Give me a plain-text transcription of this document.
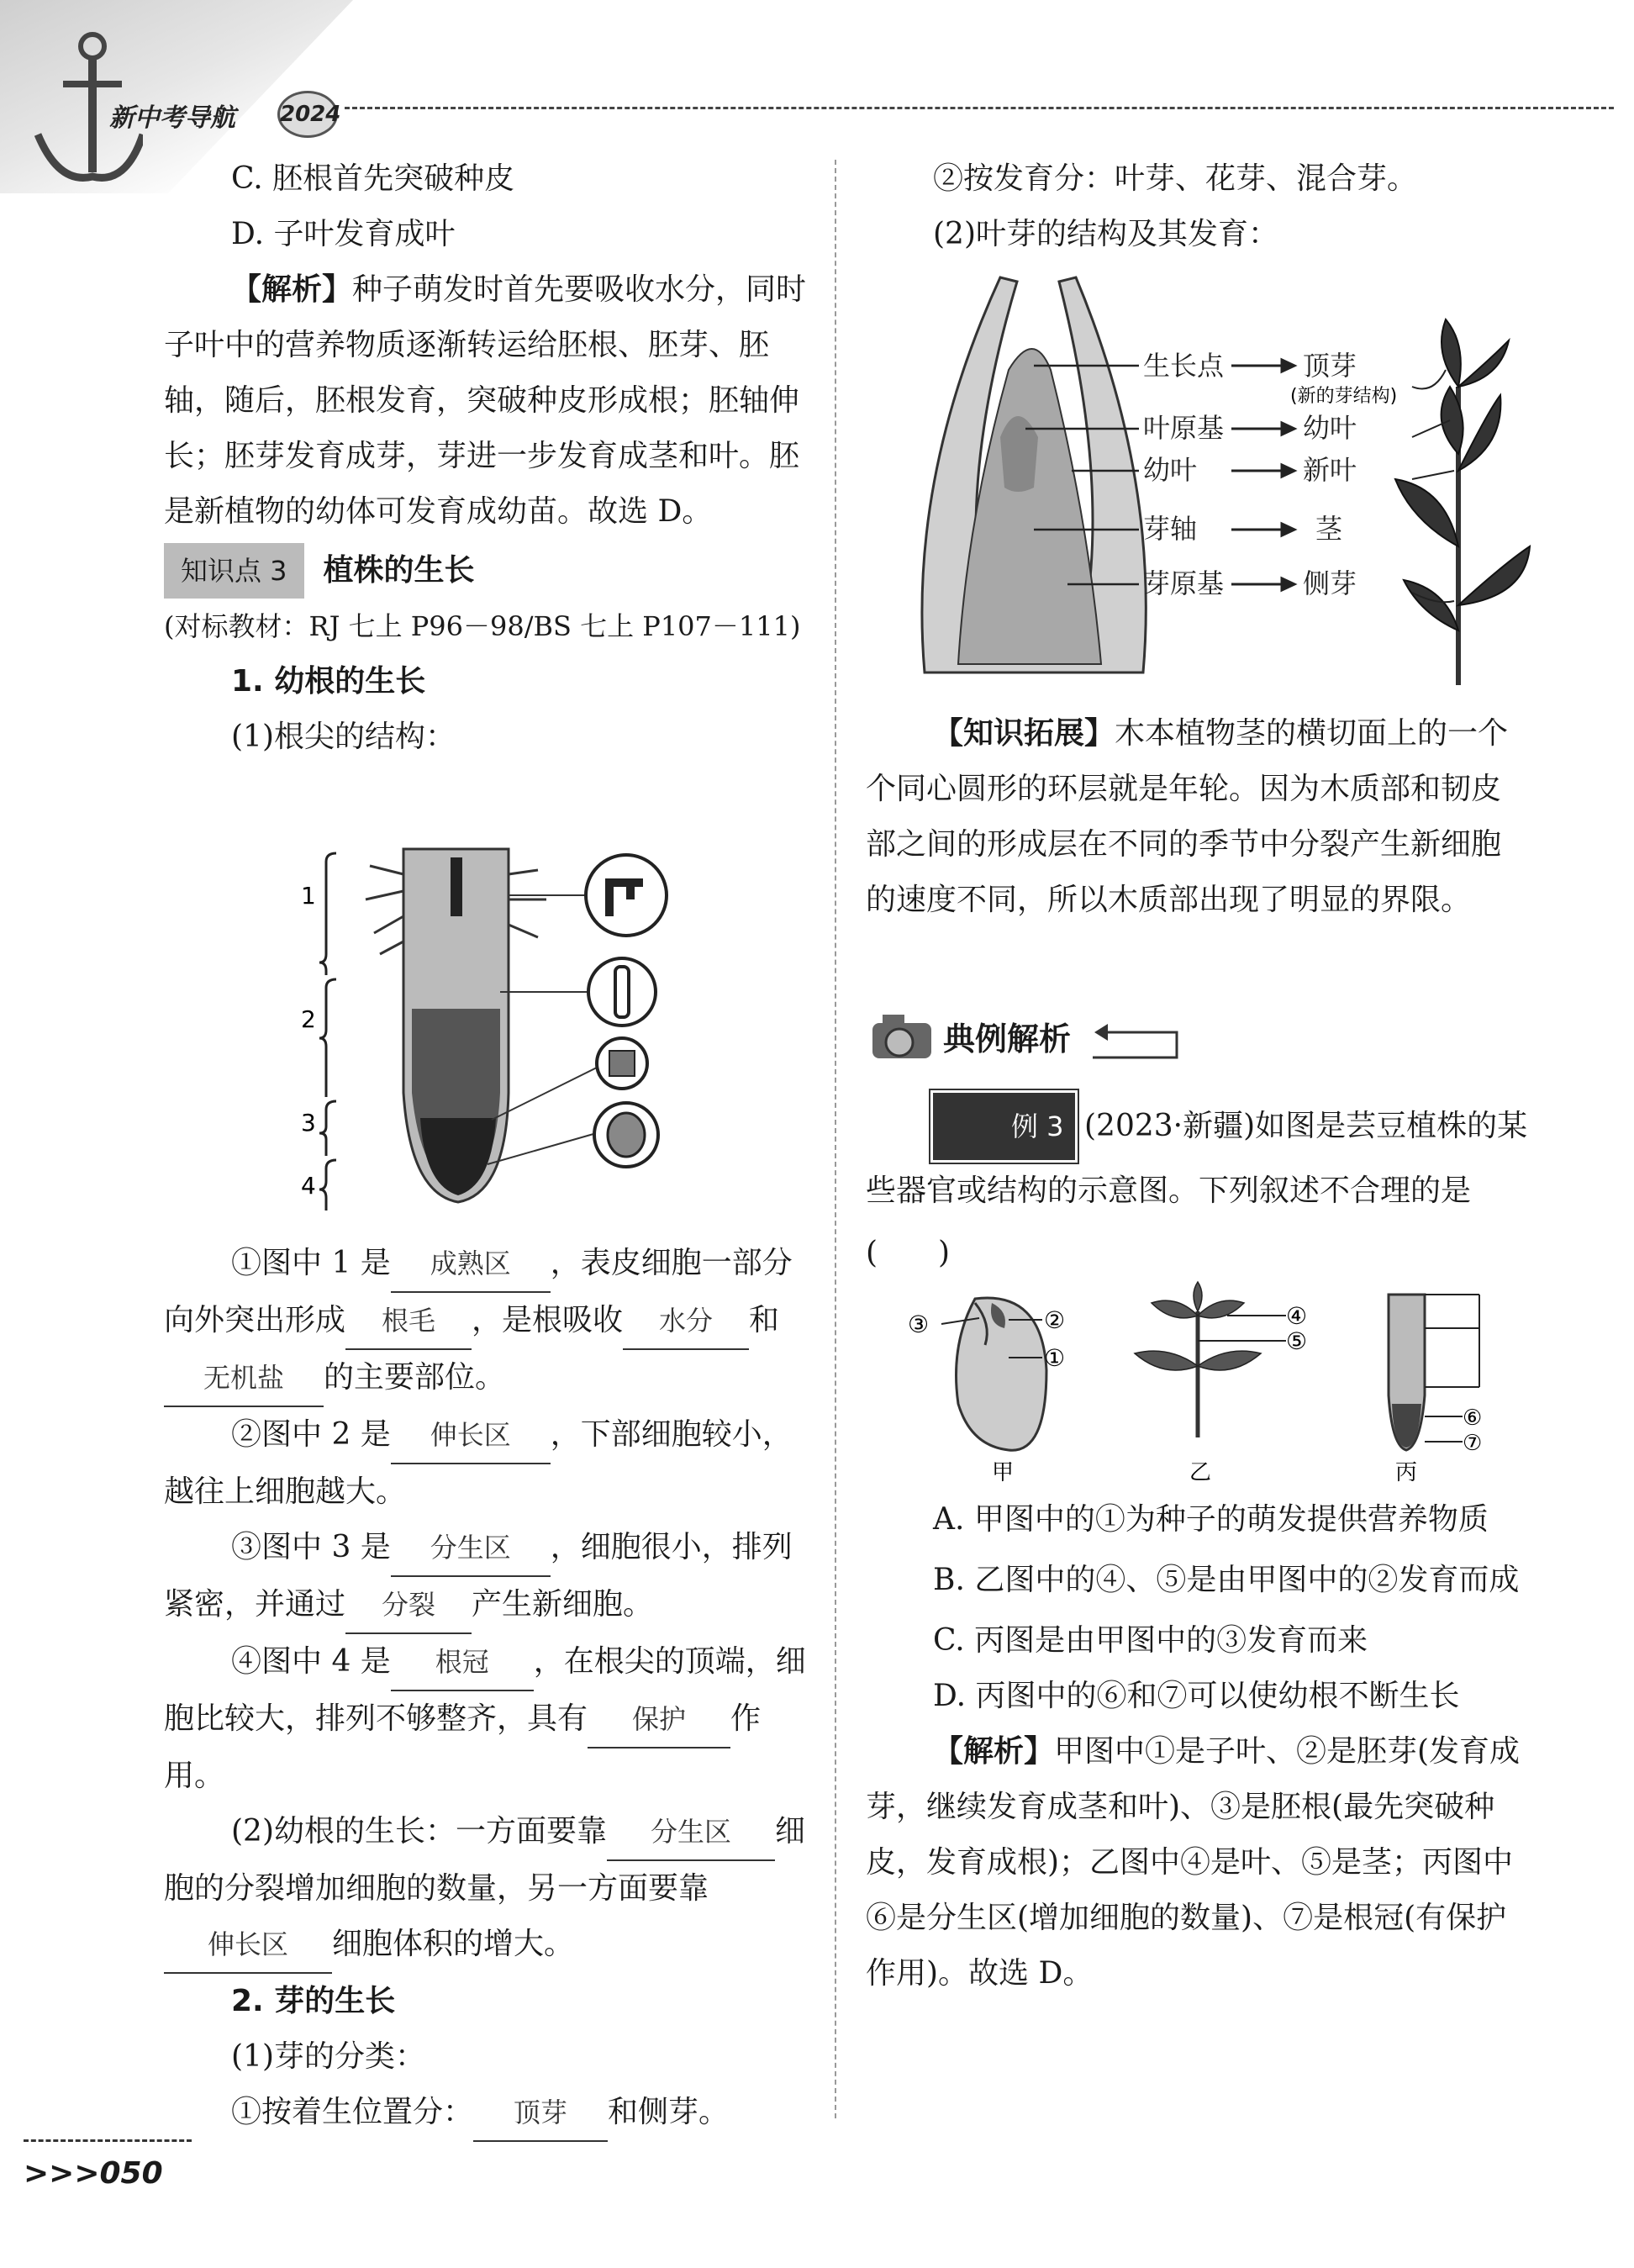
新中考导航 2024

C. 胚根首先突破种皮

D. 子叶发育成叶

【解析】种子萌发时首先要吸收水分，同时子叶中的营养物质逐渐转运给胚根、胚芽、胚轴，随后，胚根发育，突破种皮形成根；胚轴伸长；胚芽发育成芽，芽进一步发育成茎和叶。胚是新植物的幼体可发育成幼苗。故选 D。

知识点 3 植株的生长

(对标教材：RJ 七上 P96－98/BS 七上 P107－111)

1. 幼根的生长

(1)根尖的结构：

1
2
3
4

①图中 1 是 成熟区 ，表皮细胞一部分向外突出形成 根毛 ，是根吸收 水分 和无机盐 的主要部位。

②图中 2 是 伸长区 ，下部细胞较小，越往上细胞越大。

③图中 3 是 分生区 ，细胞很小，排列紧密，并通过 分裂 产生新细胞。

④图中 4 是 根冠 ，在根尖的顶端，细胞比较大，排列不够整齐，具有 保护 作用。

(2)幼根的生长：一方面要靠 分生区 细胞的分裂增加细胞的数量，另一方面要靠伸长区 细胞体积的增大。

2. 芽的生长

(1)芽的分类：

①按着生位置分： 顶芽 和侧芽。

②按发育分：叶芽、花芽、混合芽。

(2)叶芽的结构及其发育：

生长点
叶原基
幼叶
芽轴
芽原基
顶芽
幼叶
新叶
茎
侧芽
(新的芽结构)

【知识拓展】木本植物茎的横切面上的一个个同心圆形的环层就是年轮。因为木质部和韧皮部之间的形成层在不同的季节中分裂产生新细胞的速度不同，所以木质部出现了明显的界限。

典例解析

例 3 (2023·新疆)如图是芸豆植株的某些器官或结构的示意图。下列叙述不合理的是(　　)

③	②
①
④
⑤
⑥
⑦
甲	乙	丙

A. 甲图中的①为种子的萌发提供营养物质

B. 乙图中的④、⑤是由甲图中的②发育而成

C. 丙图是由甲图中的③发育而来

D. 丙图中的⑥和⑦可以使幼根不断生长

【解析】甲图中①是子叶、②是胚芽(发育成芽，继续发育成茎和叶)、③是胚根(最先突破种皮，发育成根)；乙图中④是叶、⑤是茎；丙图中⑥是分生区(增加细胞的数量)、⑦是根冠(有保护作用)。故选 D。

>>>050
